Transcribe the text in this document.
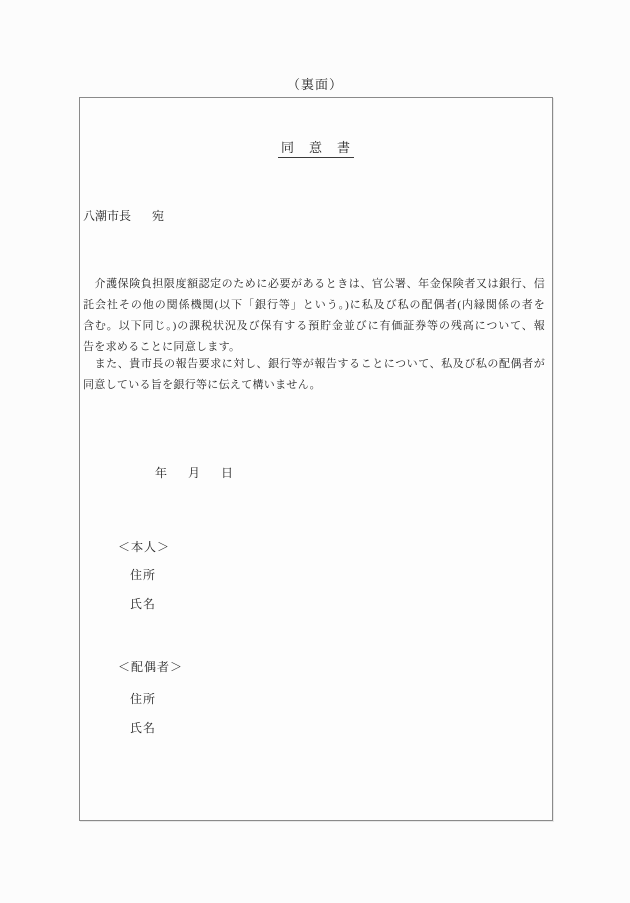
（裏面）
同　意　書
八潮市長 宛
　介護保険負担限度額認定のために必要があるときは、官公署、年金保険者又は銀行、信
託会社その他の関係機関(以下「銀行等」という。)に私及び私の配偶者(内縁関係の者を
含む。以下同じ。)の課税状況及び保有する預貯金並びに有価証券等の残高について、報
告を求めることに同意します。
　また、貴市長の報告要求に対し、銀行等が報告することについて、私及び私の配偶者が
同意している旨を銀行等に伝えて構いません。
年 月 日
＜本人＞
住所
氏名
＜配偶者＞
住所
氏名
